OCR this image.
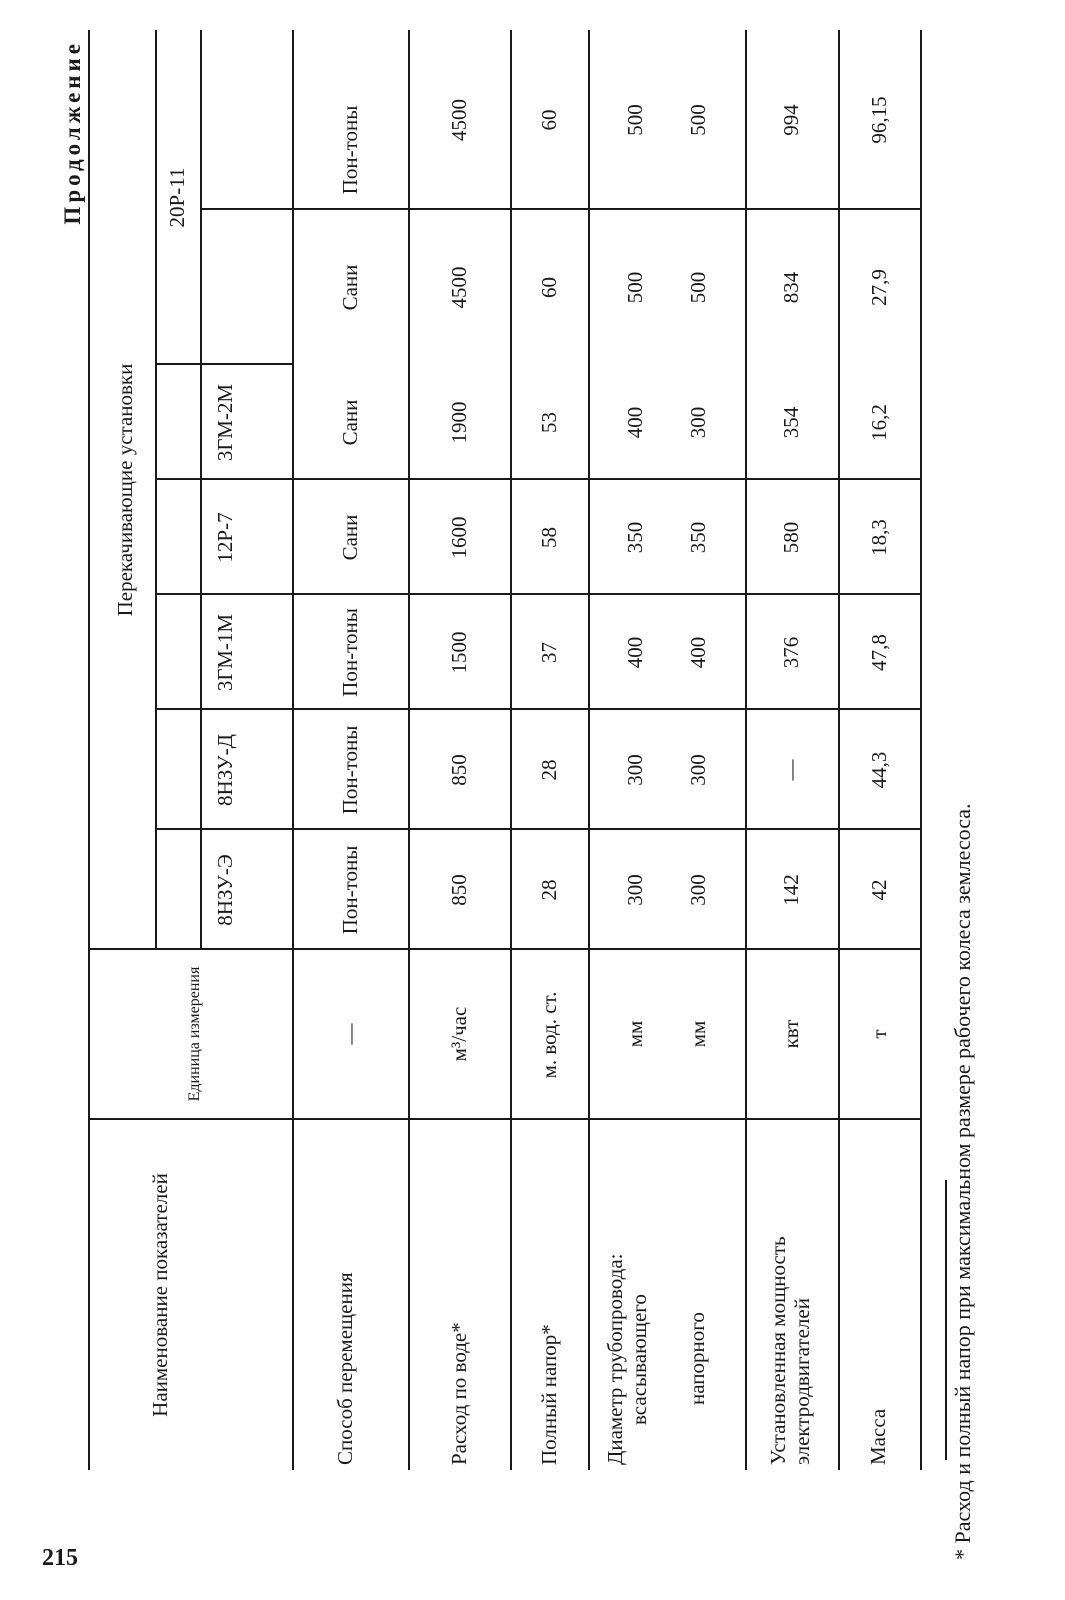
215
Продолжение
Наименование показателей
Единица измерения
Перекачивающие установки
8НЗУ-Э
8НЗУ-Д
3ГМ-1М
12Р-7
3ГМ-2М
20Р-11
Способ перемещения
—
Пон-тоны
Пон-тоны
Пон-тоны
Сани
Сани
Сани
Пон-тоны
Расход по воде*
м³/час
850
850
1500
1600
1900
4500
4500
Полный напор*
м. вод. ст.
28
28
37
58
53
60
60
Диаметр трубопровода: всасывающего напорного
мм	мм
300
300
400
350
400
500
500
300
300
400
350
300
500
500
Установленная мощность электродвигателей
квт
142
—
376
580
354
834
994
Масса
т
42
44,3
47,8
18,3
16,2
27,9
96,15
* Расход и полный напор при максимальном размере рабочего колеса землесоса.
